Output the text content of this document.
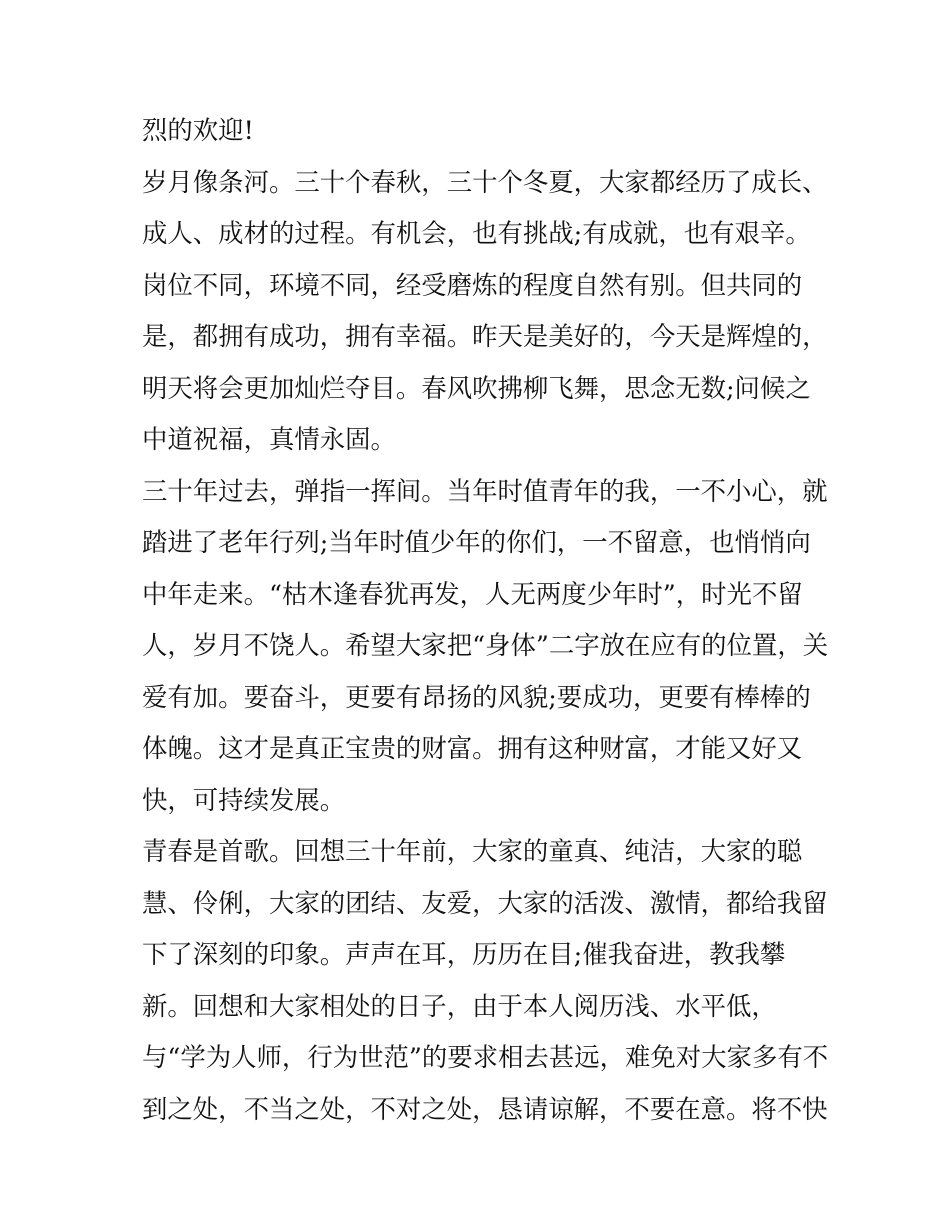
烈的欢迎!
岁月像条河。三十个春秋，三十个冬夏，大家都经历了成长、
成人、成材的过程。有机会，也有挑战;有成就，也有艰辛。
岗位不同，环境不同，经受磨炼的程度自然有别。但共同的
是，都拥有成功，拥有幸福。昨天是美好的，今天是辉煌的，
明天将会更加灿烂夺目。春风吹拂柳飞舞，思念无数;问候之
中道祝福，真情永固。
三十年过去，弹指一挥间。当年时值青年的我，一不小心，就
踏进了老年行列;当年时值少年的你们，一不留意，也悄悄向
中年走来。“枯木逢春犹再发，人无两度少年时”，时光不留
人，岁月不饶人。希望大家把“身体”二字放在应有的位置，关
爱有加。要奋斗，更要有昂扬的风貌;要成功，更要有棒棒的
体魄。这才是真正宝贵的财富。拥有这种财富，才能又好又
快，可持续发展。
青春是首歌。回想三十年前，大家的童真、纯洁，大家的聪
慧、伶俐，大家的团结、友爱，大家的活泼、激情，都给我留
下了深刻的印象。声声在耳，历历在目;催我奋进，教我攀
新。回想和大家相处的日子，由于本人阅历浅、水平低，
与“学为人师，行为世范”的要求相去甚远，难免对大家多有不
到之处，不当之处，不对之处，恳请谅解，不要在意。将不快
